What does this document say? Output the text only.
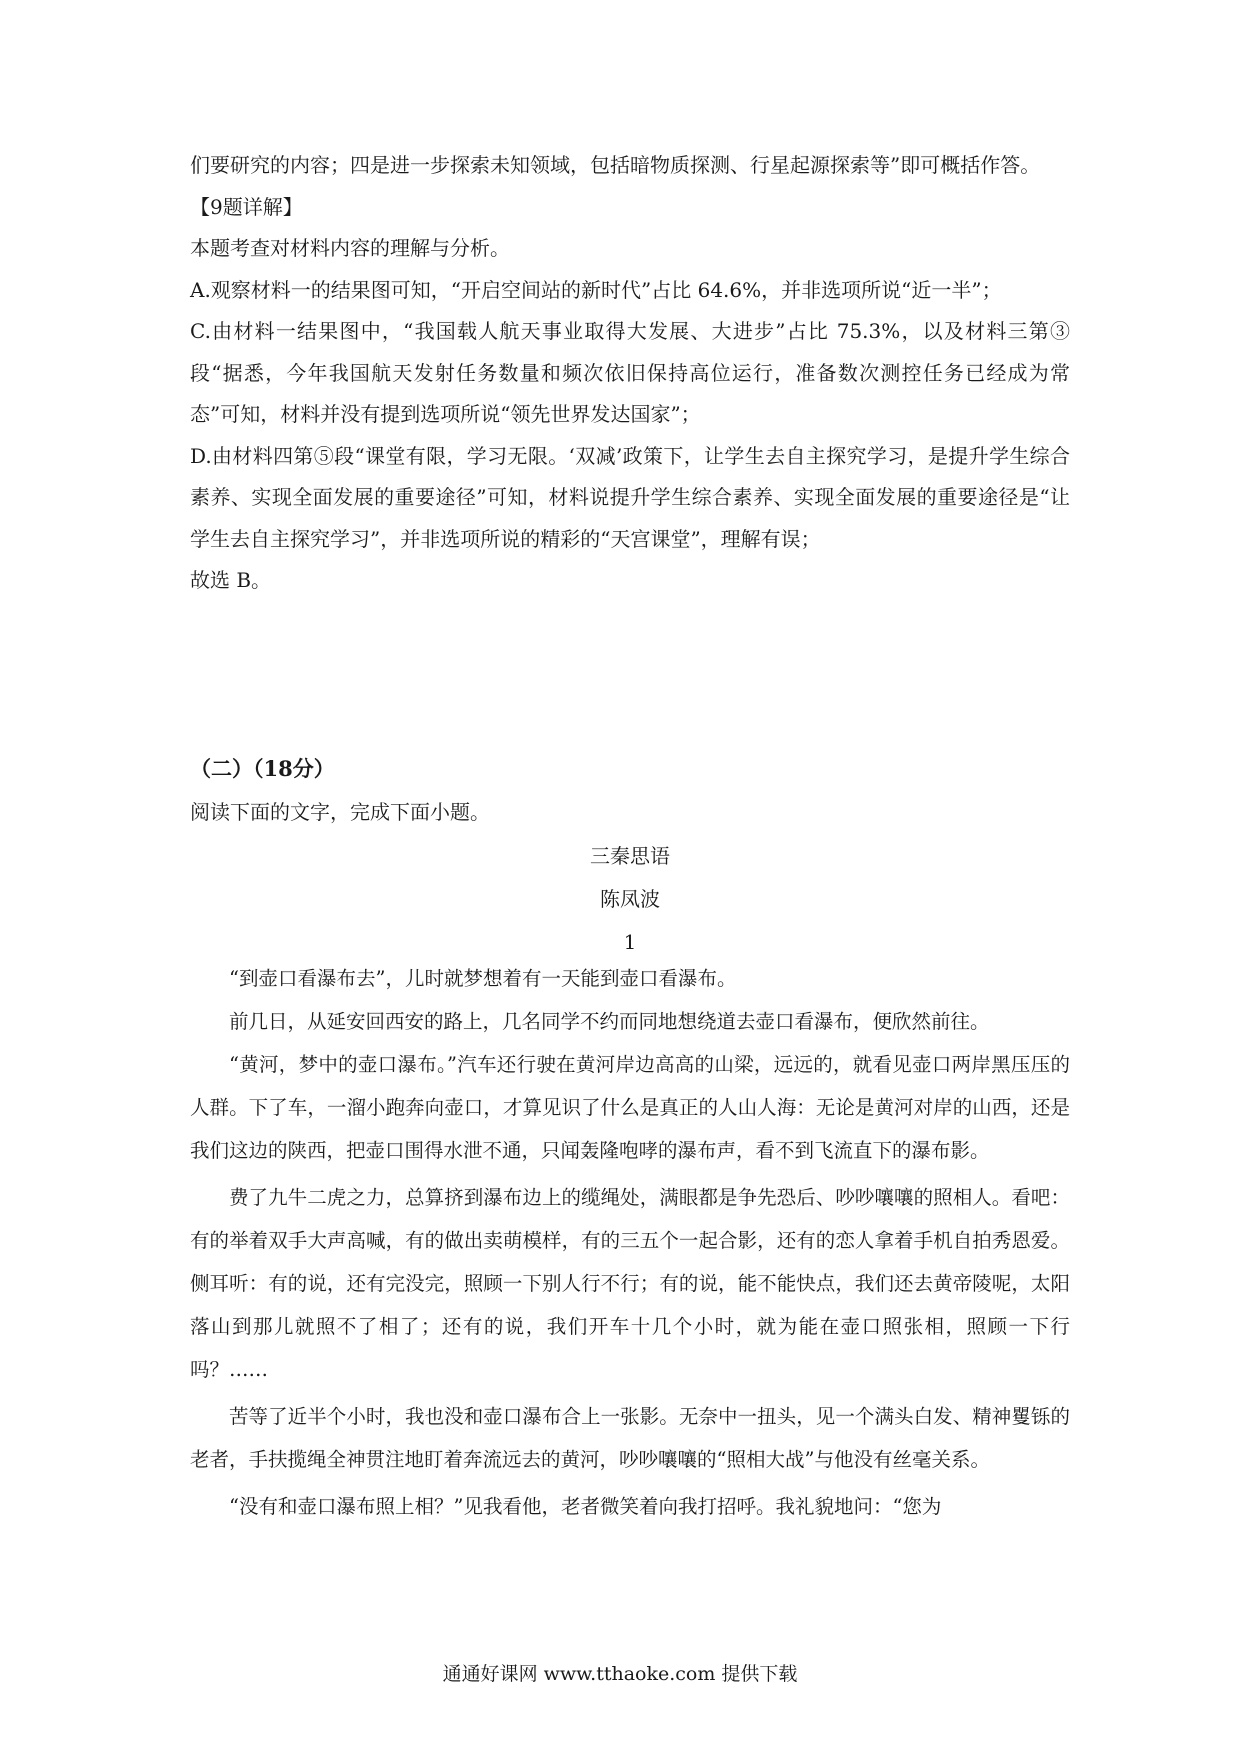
们要研究的内容；四是进一步探索未知领域，包括暗物质探测、行星起源探索等”即可概括作答。

【9题详解】

本题考查对材料内容的理解与分析。

A.观察材料一的结果图可知，“开启空间站的新时代”占比 64.6%，并非选项所说“近一半”；

C.由材料一结果图中，“我国载人航天事业取得大发展、大进步”占比 75.3%，以及材料三第③段“据悉，今年我国航天发射任务数量和频次依旧保持高位运行，准备数次测控任务已经成为常态”可知，材料并没有提到选项所说“领先世界发达国家”；

D.由材料四第⑤段“课堂有限，学习无限。‘双减’政策下，让学生去自主探究学习，是提升学生综合素养、实现全面发展的重要途径”可知，材料说提升学生综合素养、实现全面发展的重要途径是“让学生去自主探究学习”，并非选项所说的精彩的“天宫课堂”，理解有误；

故选 B。

（二）（18分）
阅读下面的文字，完成下面小题。
三秦思语
陈凤波
1

“到壶口看瀑布去”，儿时就梦想着有一天能到壶口看瀑布。

前几日，从延安回西安的路上，几名同学不约而同地想绕道去壶口看瀑布，便欣然前往。

“黄河，梦中的壶口瀑布。”汽车还行驶在黄河岸边高高的山梁，远远的，就看见壶口两岸黑压压的人群。下了车，一溜小跑奔向壶口，才算见识了什么是真正的人山人海：无论是黄河对岸的山西，还是我们这边的陕西，把壶口围得水泄不通，只闻轰隆咆哮的瀑布声，看不到飞流直下的瀑布影。

费了九牛二虎之力，总算挤到瀑布边上的缆绳处，满眼都是争先恐后、吵吵嚷嚷的照相人。看吧：有的举着双手大声高喊，有的做出卖萌模样，有的三五个一起合影，还有的恋人拿着手机自拍秀恩爱。侧耳听：有的说，还有完没完，照顾一下别人行不行；有的说，能不能快点，我们还去黄帝陵呢，太阳落山到那儿就照不了相了；还有的说，我们开车十几个小时，就为能在壶口照张相，照顾一下行吗？……

苦等了近半个小时，我也没和壶口瀑布合上一张影。无奈中一扭头，见一个满头白发、精神矍铄的老者，手扶揽绳全神贯注地盯着奔流远去的黄河，吵吵嚷嚷的“照相大战”与他没有丝毫关系。

“没有和壶口瀑布照上相？”见我看他，老者微笑着向我打招呼。我礼貌地问：“您为

通通好课网 www.tthaoke.com 提供下载
